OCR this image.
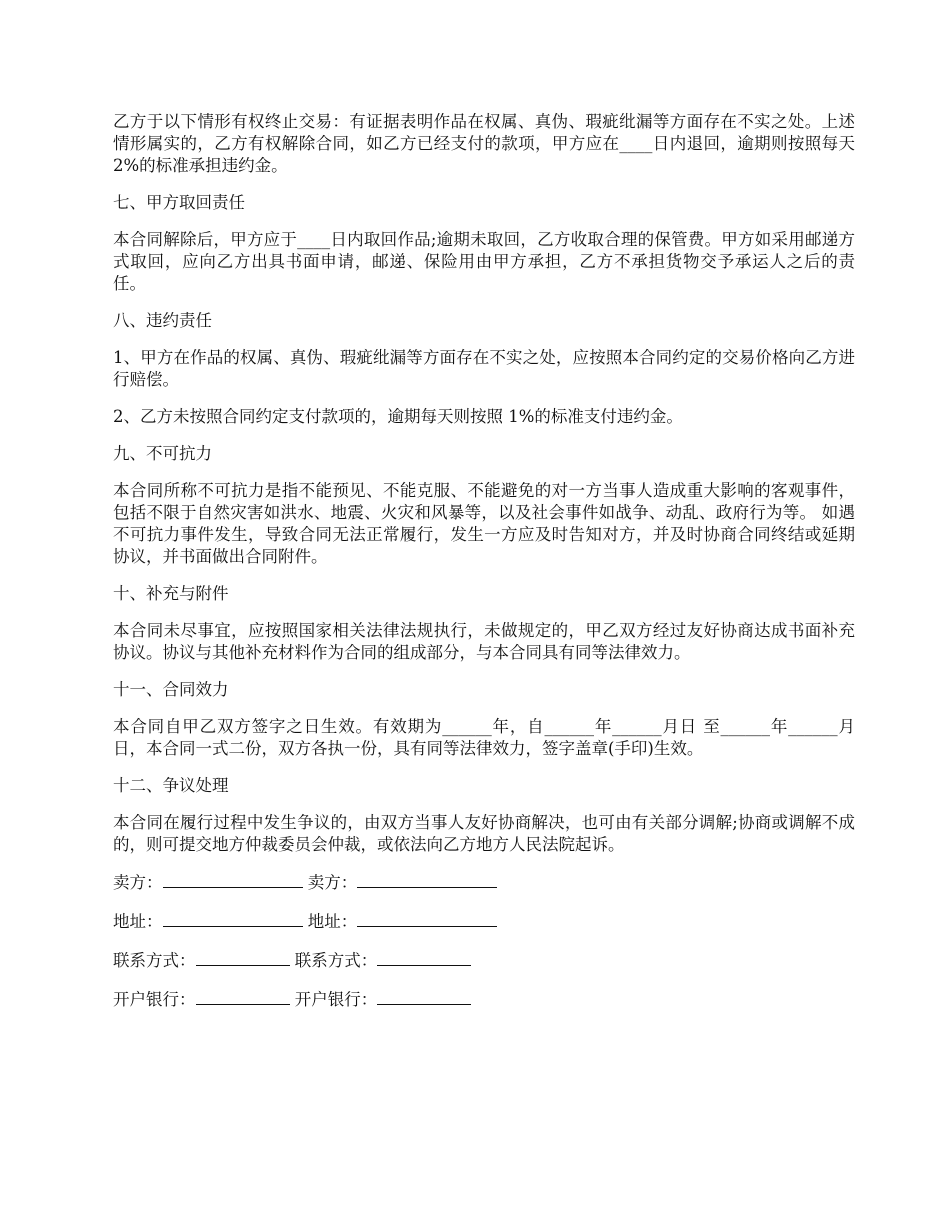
乙方于以下情形有权终止交易：有证据表明作品在权属、真伪、瑕疵纰漏等方面存在不实之处。上述情形属实的，乙方有权解除合同，如乙方已经支付的款项，甲方应在____日内退回，逾期则按照每天 2%的标准承担违约金。

七、甲方取回责任

本合同解除后，甲方应于____日内取回作品;逾期未取回，乙方收取合理的保管费。甲方如采用邮递方式取回，应向乙方出具书面申请，邮递、保险用由甲方承担，乙方不承担货物交予承运人之后的责任。

八、违约责任

1、甲方在作品的权属、真伪、瑕疵纰漏等方面存在不实之处，应按照本合同约定的交易价格向乙方进行赔偿。

2、乙方未按照合同约定支付款项的，逾期每天则按照 1%的标准支付违约金。

九、不可抗力

本合同所称不可抗力是指不能预见、不能克服、不能避免的对一方当事人造成重大影响的客观事件，包括不限于自然灾害如洪水、地震、火灾和风暴等，以及社会事件如战争、动乱、政府行为等。 如遇不可抗力事件发生，导致合同无法正常履行，发生一方应及时告知对方，并及时协商合同终结或延期协议，并书面做出合同附件。

十、补充与附件

本合同未尽事宜，应按照国家相关法律法规执行，未做规定的，甲乙双方经过友好协商达成书面补充协议。协议与其他补充材料作为合同的组成部分，与本合同具有同等法律效力。

十一、合同效力

本合同自甲乙双方签字之日生效。有效期为______年，自______年______月日 至______年______月日，本合同一式二份，双方各执一份，具有同等法律效力，签字盖章(手印)生效。

十二、争议处理

本合同在履行过程中发生争议的，由双方当事人友好协商解决，也可由有关部分调解;协商或调解不成的，则可提交地方仲裁委员会仲裁，或依法向乙方地方人民法院起诉。

卖方：	卖方：
地址：	地址：
联系方式：	联系方式：
开户银行：	开户银行：
